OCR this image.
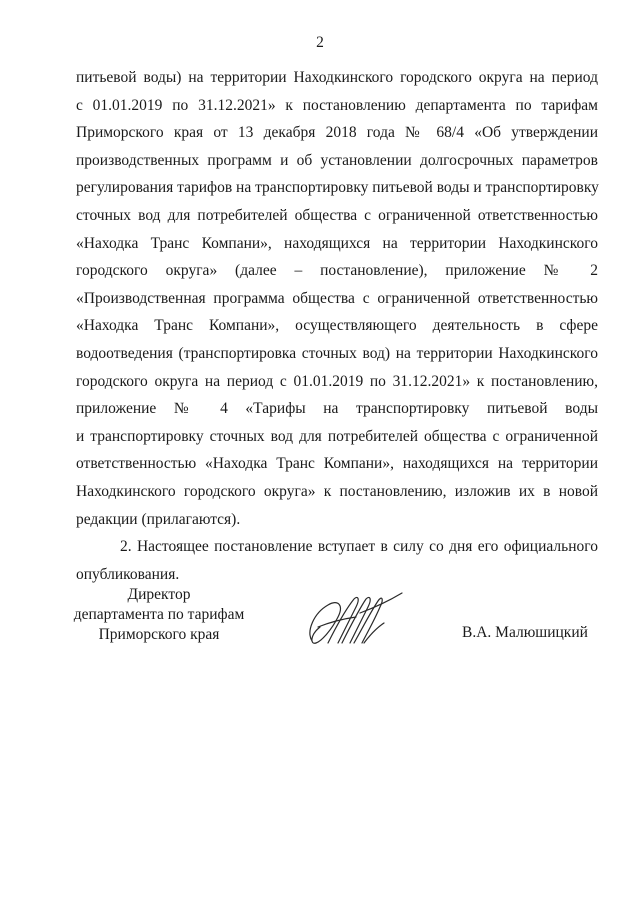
2
питьевой воды) на территории Находкинского городского округа на период
с 01.01.2019 по 31.12.2021» к постановлению департамента по тарифам
Приморского края от 13 декабря 2018 года № 68/4 «Об утверждении
производственных программ и об установлении долгосрочных параметров
регулирования тарифов на транспортировку питьевой воды и транспортировку
сточных вод для потребителей общества с ограниченной ответственностью
«Находка Транс Компани», находящихся на территории Находкинского
городского округа» (далее – постановление), приложение № 2
«Производственная программа общества с ограниченной ответственностью
«Находка Транс Компани», осуществляющего деятельность в сфере
водоотведения (транспортировка сточных вод) на территории Находкинского
городского округа на период с 01.01.2019 по 31.12.2021» к постановлению,
приложение № 4 «Тарифы на транспортировку питьевой воды
и транспортировку сточных вод для потребителей общества с ограниченной
ответственностью «Находка Транс Компани», находящихся на территории
Находкинского городского округа» к постановлению, изложив их в новой
редакции (прилагаются).
2. Настоящее постановление вступает в силу со дня его официального
опубликования.
Директор
департамента по тарифам
Приморского края	В.А. Малюшицкий
